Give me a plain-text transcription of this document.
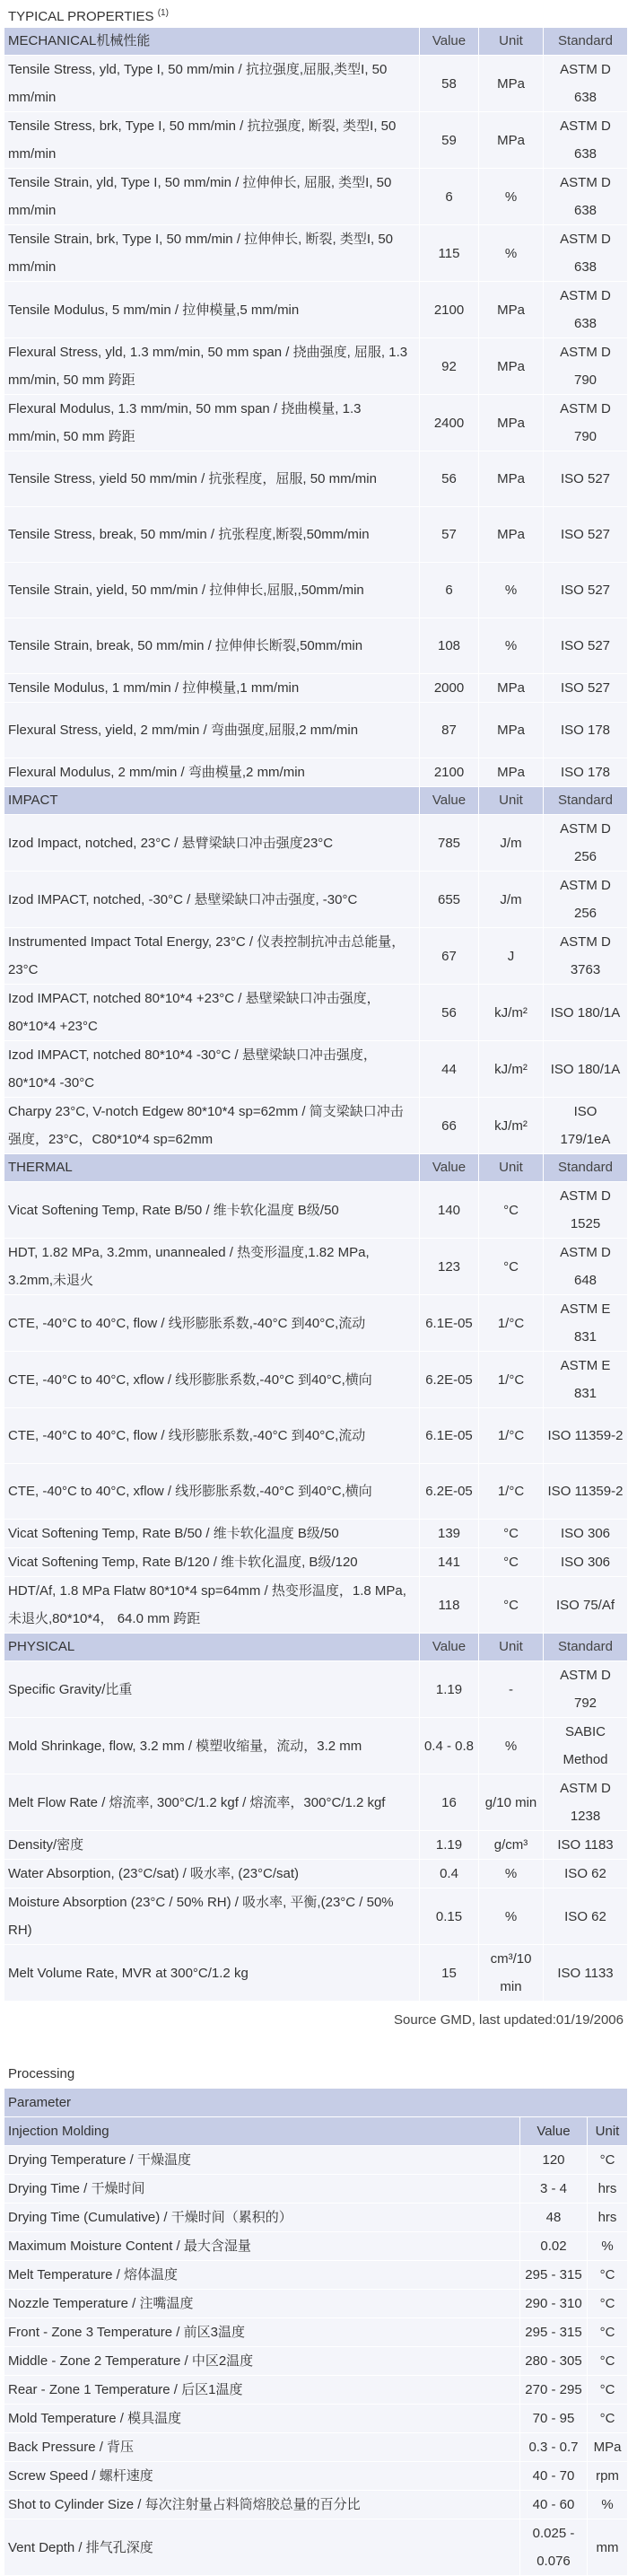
TYPICAL PROPERTIES $^{(1)}$
MECHANICAL机械性能	Value	Unit	Standard
Tensile Stress, yld, Type I, 50 mm/min / 抗拉强度,屈服,类型I, 50 mm/min	58	MPa	ASTM D 638
Tensile Stress, brk, Type I, 50 mm/min / 抗拉强度, 断裂, 类型I, 50 mm/min	59	MPa	ASTM D 638
Tensile Strain, yld, Type I, 50 mm/min / 拉伸伸长, 屈服, 类型I, 50 mm/min	6	%	ASTM D 638
Tensile Strain, brk, Type I, 50 mm/min / 拉伸伸长, 断裂, 类型I, 50 mm/min	115	%	ASTM D 638
Tensile Modulus, 5 mm/min / 拉伸模量,5 mm/min	2100	MPa	ASTM D 638
Flexural Stress, yld, 1.3 mm/min, 50 mm span / 挠曲强度, 屈服, 1.3 mm/min, 50 mm 跨距	92	MPa	ASTM D 790
Flexural Modulus, 1.3 mm/min, 50 mm span / 挠曲模量, 1.3 mm/min, 50 mm 跨距	2400	MPa	ASTM D 790
Tensile Stress, yield 50 mm/min / 抗张程度，屈服, 50 mm/min	56	MPa	ISO 527
Tensile Stress, break, 50 mm/min / 抗张程度,断裂,50mm/min	57	MPa	ISO 527
Tensile Strain, yield, 50 mm/min / 拉伸伸长,屈服,,50mm/min	6	%	ISO 527
Tensile Strain, break, 50 mm/min / 拉伸伸长断裂,50mm/min	108	%	ISO 527
Tensile Modulus, 1 mm/min / 拉伸模量,1 mm/min	2000	MPa	ISO 527
Flexural Stress, yield, 2 mm/min / 弯曲强度,屈服,2 mm/min	87	MPa	ISO 178
Flexural Modulus, 2 mm/min / 弯曲模量,2 mm/min	2100	MPa	ISO 178
IMPACT	Value	Unit	Standard
Izod Impact, notched, 23°C / 悬臂梁缺口冲击强度23°C	785	J/m	ASTM D 256
Izod IMPACT, notched, -30°C / 悬壁梁缺口冲击强度, -30°C	655	J/m	ASTM D 256
Instrumented Impact Total Energy, 23°C / 仪表控制抗冲击总能量，23°C	67	J	ASTM D 3763
Izod IMPACT, notched 80*10*4 +23°C / 悬壁梁缺口冲击强度，80*10*4 +23°C	56	kJ/m²	ISO 180/1A
Izod IMPACT, notched 80*10*4 -30°C / 悬壁梁缺口冲击强度，80*10*4 -30°C	44	kJ/m²	ISO 180/1A
Charpy 23°C, V-notch Edgew 80*10*4 sp=62mm / 简支梁缺口冲击强度，23°C，C80*10*4 sp=62mm	66	kJ/m²	ISO 179/1eA
THERMAL	Value	Unit	Standard
Vicat Softening Temp, Rate B/50 / 维卡软化温度 B级/50	140	°C	ASTM D 1525
HDT, 1.82 MPa, 3.2mm, unannealed / 热变形温度,1.82 MPa, 3.2mm,未退火	123	°C	ASTM D 648
CTE, -40°C to 40°C, flow / 线形膨胀系数,-40°C 到40°C,流动	6.1E-05	1/°C	ASTM E 831
CTE, -40°C to 40°C, xflow / 线形膨胀系数,-40°C 到40°C,横向	6.2E-05	1/°C	ASTM E 831
CTE, -40°C to 40°C, flow / 线形膨胀系数,-40°C 到40°C,流动	6.1E-05	1/°C	ISO 11359-2
CTE, -40°C to 40°C, xflow / 线形膨胀系数,-40°C 到40°C,横向	6.2E-05	1/°C	ISO 11359-2
Vicat Softening Temp, Rate B/50 / 维卡软化温度 B级/50	139	°C	ISO 306
Vicat Softening Temp, Rate B/120 / 维卡软化温度, B级/120	141	°C	ISO 306
HDT/Af, 1.8 MPa Flatw 80*10*4 sp=64mm / 热变形温度，1.8 MPa, 未退火,80*10*4， 64.0 mm 跨距	118	°C	ISO 75/Af
PHYSICAL	Value	Unit	Standard
Specific Gravity/比重	1.19	-	ASTM D 792
Mold Shrinkage, flow, 3.2 mm / 模塑收缩量，流动，3.2 mm	0.4 - 0.8	%	SABIC Method
Melt Flow Rate / 熔流率, 300°C/1.2 kgf / 熔流率，300°C/1.2 kgf	16	g/10 min	ASTM D 1238
Density/密度	1.19	g/cm³	ISO 1183
Water Absorption, (23°C/sat) / 吸水率, (23°C/sat)	0.4	%	ISO 62
Moisture Absorption (23°C / 50% RH) / 吸水率, 平衡,(23°C / 50% RH)	0.15	%	ISO 62
Melt Volume Rate, MVR at 300°C/1.2 kg	15	cm³/10 min	ISO 1133
Source GMD, last updated:01/19/2006
Processing
Parameter		
Injection Molding	Value	Unit
Drying Temperature / 干燥温度	120	°C
Drying Time / 干燥时间	3 - 4	hrs
Drying Time (Cumulative) / 干燥时间（累积的）	48	hrs
Maximum Moisture Content / 最大含湿量	0.02	%
Melt Temperature / 熔体温度	295 - 315	°C
Nozzle Temperature / 注嘴温度	290 - 310	°C
Front - Zone 3 Temperature / 前区3温度	295 - 315	°C
Middle - Zone 2 Temperature / 中区2温度	280 - 305	°C
Rear - Zone 1 Temperature / 后区1温度	270 - 295	°C
Mold Temperature / 模具温度	70 - 95	°C
Back Pressure / 背压	0.3 - 0.7	MPa
Screw Speed / 螺杆速度	40 - 70	rpm
Shot to Cylinder Size / 每次注射量占料筒熔胶总量的百分比	40 - 60	%
Vent Depth / 排气孔深度	0.025 - 0.076	mm
